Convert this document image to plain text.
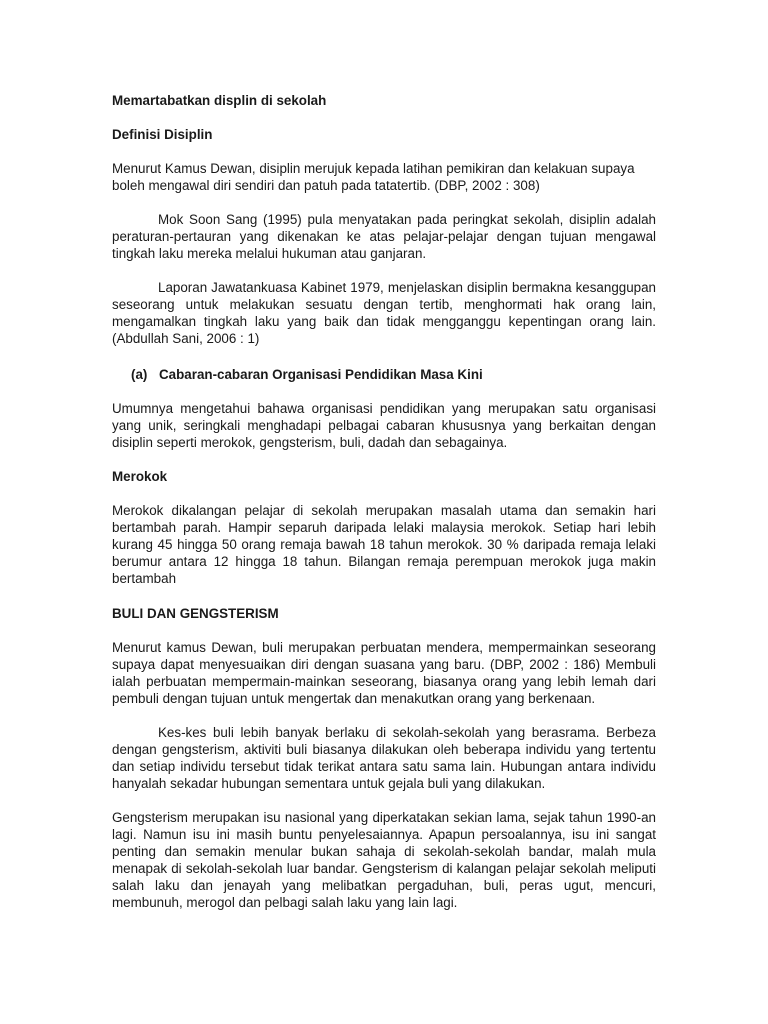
Memartabatkan displin di sekolah

Definisi Disiplin

Menurut Kamus Dewan, disiplin merujuk kepada latihan pemikiran dan kelakuan supaya boleh mengawal diri sendiri dan patuh pada tatatertib. (DBP, 2002 : 308)

Mok Soon Sang (1995) pula menyatakan pada peringkat sekolah, disiplin adalah peraturan-pertauran yang dikenakan ke atas pelajar-pelajar dengan tujuan mengawal tingkah laku mereka melalui hukuman atau ganjaran.

Laporan Jawatankuasa Kabinet 1979, menjelaskan disiplin bermakna kesanggupan seseorang untuk melakukan sesuatu dengan tertib, menghormati hak orang lain, mengamalkan tingkah laku yang baik dan tidak mengganggu kepentingan orang lain. (Abdullah Sani, 2006 : 1)

(a) Cabaran-cabaran Organisasi Pendidikan Masa Kini

Umumnya mengetahui bahawa organisasi pendidikan yang merupakan satu organisasi yang unik, seringkali menghadapi pelbagai cabaran khususnya yang berkaitan dengan disiplin seperti merokok, gengsterism, buli, dadah dan sebagainya.

Merokok

Merokok dikalangan pelajar di sekolah merupakan masalah utama dan semakin hari bertambah parah. Hampir separuh daripada lelaki malaysia merokok. Setiap hari lebih kurang 45 hingga 50 orang remaja bawah 18 tahun merokok. 30 % daripada remaja lelaki berumur antara 12 hingga 18 tahun. Bilangan remaja perempuan merokok juga makin bertambah

BULI DAN GENGSTERISM

Menurut kamus Dewan, buli merupakan perbuatan mendera, mempermainkan seseorang supaya dapat menyesuaikan diri dengan suasana yang baru. (DBP, 2002 : 186) Membuli ialah perbuatan mempermain-mainkan seseorang, biasanya orang yang lebih lemah dari pembuli dengan tujuan untuk mengertak dan menakutkan orang yang berkenaan.

Kes-kes buli lebih banyak berlaku di sekolah-sekolah yang berasrama. Berbeza dengan gengsterism, aktiviti buli biasanya dilakukan oleh beberapa individu yang tertentu dan setiap individu tersebut tidak terikat antara satu sama lain. Hubungan antara individu hanyalah sekadar hubungan sementara untuk gejala buli yang dilakukan.

Gengsterism merupakan isu nasional yang diperkatakan sekian lama, sejak tahun 1990-an lagi. Namun isu ini masih buntu penyelesaiannya. Apapun persoalannya, isu ini sangat penting dan semakin menular bukan sahaja di sekolah-sekolah bandar, malah mula menapak di sekolah-sekolah luar bandar. Gengsterism di kalangan pelajar sekolah meliputi salah laku dan jenayah yang melibatkan pergaduhan, buli, peras ugut, mencuri, membunuh, merogol dan pelbagi salah laku yang lain lagi.
